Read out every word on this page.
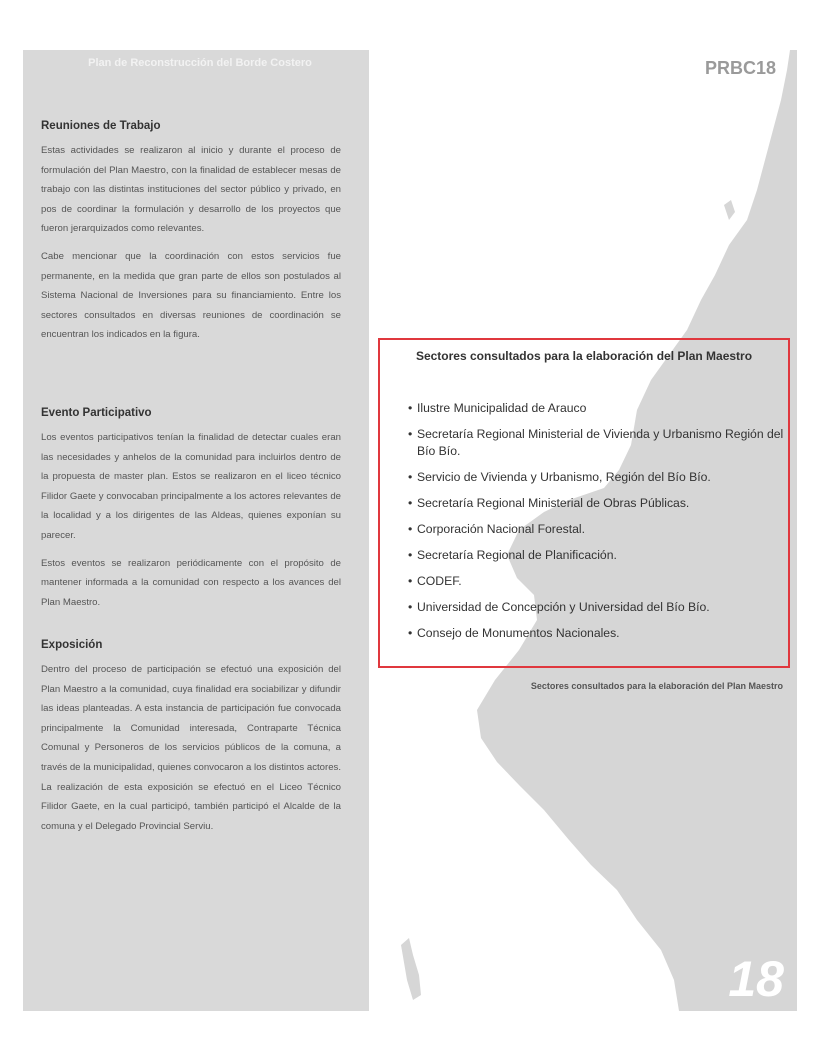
Plan de Reconstrucción del Borde Costero	PRBC18
Reuniones de Trabajo

Estas actividades se realizaron al inicio y durante el proceso de formulación del Plan Maestro, con la finalidad de establecer mesas de trabajo con las distintas instituciones del sector público y privado, en pos de coordinar la formulación y desarrollo de los proyectos que fueron jerarquizados como relevantes.

Cabe mencionar que la coordinación con estos servicios fue permanente, en la medida que gran parte de ellos son postulados al Sistema Nacional de Inversiones para su financiamiento. Entre los sectores consultados en diversas reuniones de coordinación se encuentran los indicados en la figura.

Evento Participativo

Los eventos participativos tenían la finalidad de detectar cuales eran las necesidades y anhelos de la comunidad para incluirlos dentro de la propuesta de master plan. Estos se realizaron en el liceo técnico Filidor Gaete y convocaban principalmente a los actores relevantes de la localidad y a los dirigentes de las Aldeas, quienes exponían su parecer.

Estos eventos se realizaron periódicamente con el propósito de mantener informada a la comunidad con respecto a los avances del Plan Maestro.

Exposición

Dentro del proceso de participación se efectuó una exposición del Plan Maestro a la comunidad, cuya finalidad era sociabilizar y difundir las ideas planteadas. A esta instancia de participación fue convocada principalmente la Comunidad interesada, Contraparte Técnica Comunal y Personeros de los servicios públicos de la comuna, a través de la municipalidad, quienes convocaron a los distintos actores. La realización de esta exposición se efectuó en el Liceo Técnico Filidor Gaete, en la cual participó, también participó el Alcalde de la comuna y el Delegado Provincial Serviu.

Sectores consultados para la elaboración del Plan Maestro
• Ilustre Municipalidad de Arauco
• Secretaría Regional Ministerial de Vivienda y Urbanismo Región del Bío Bío.
• Servicio de Vivienda y Urbanismo, Región del Bío Bío.
• Secretaría Regional Ministerial de Obras Públicas.
• Corporación Nacional Forestal.
• Secretaría Regional de Planificación.
• CODEF.
• Universidad de Concepción y Universidad del Bío Bío.
• Consejo de Monumentos Nacionales.
Sectores consultados para la elaboración del Plan Maestro
18
